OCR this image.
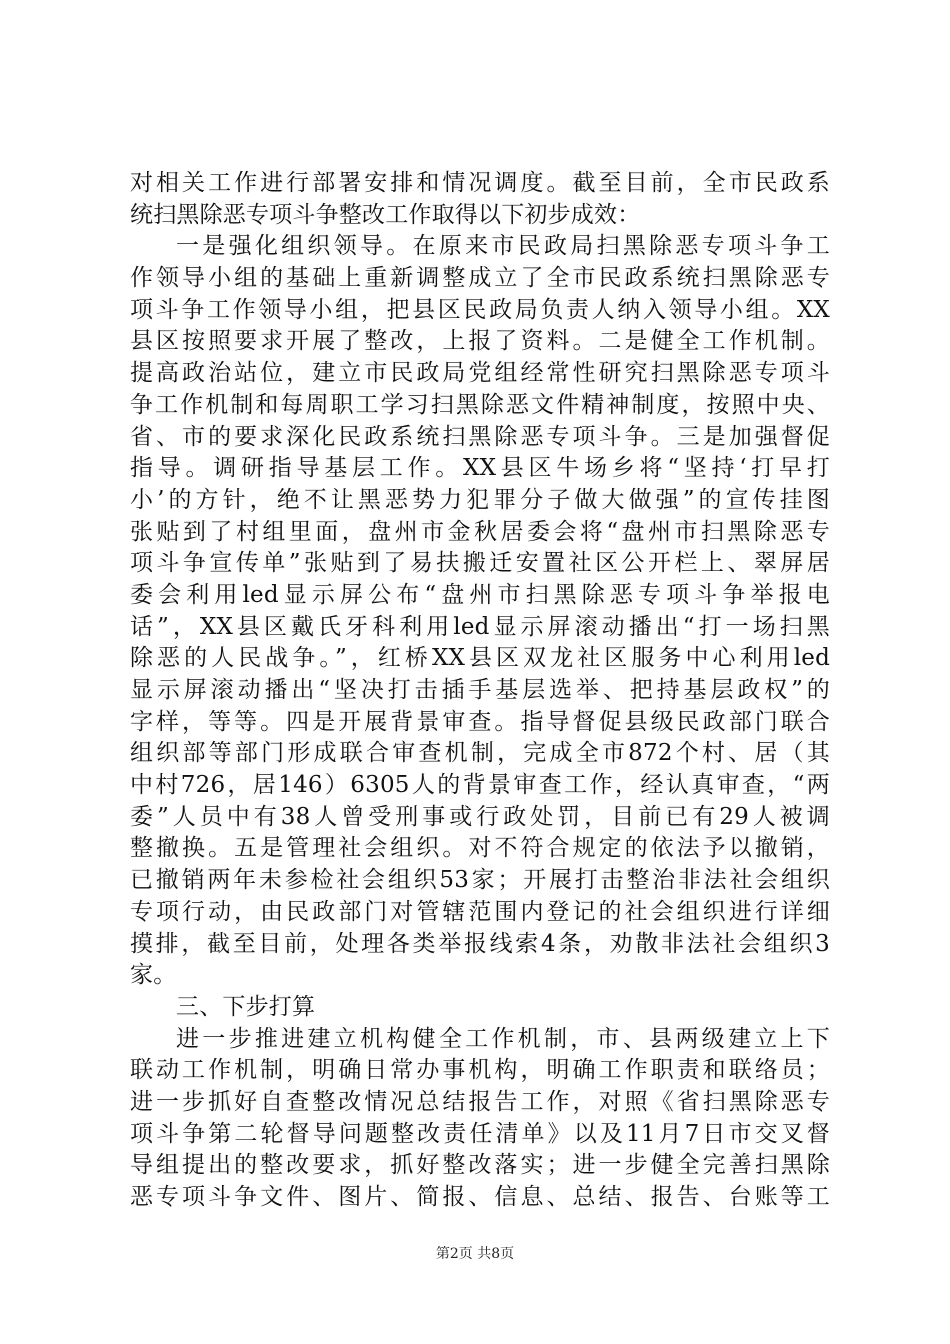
对相关工作进行部署安排和情况调度。截至目前，全市民政系
统扫黑除恶专项斗争整改工作取得以下初步成效：
一是强化组织领导。在原来市民政局扫黑除恶专项斗争工
作领导小组的基础上重新调整成立了全市民政系统扫黑除恶专
项斗争工作领导小组，把县区民政局负责人纳入领导小组。XX
县区按照要求开展了整改，上报了资料。二是健全工作机制。
提高政治站位，建立市民政局党组经常性研究扫黑除恶专项斗
争工作机制和每周职工学习扫黑除恶文件精神制度，按照中央、
省、市的要求深化民政系统扫黑除恶专项斗争。三是加强督促
指导。调研指导基层工作。XX县区牛场乡将“坚持‘打早打
小’的方针，绝不让黑恶势力犯罪分子做大做强”的宣传挂图
张贴到了村组里面，盘州市金秋居委会将“盘州市扫黑除恶专
项斗争宣传单”张贴到了易扶搬迁安置社区公开栏上、翠屏居
委会利用led显示屏公布“盘州市扫黑除恶专项斗争举报电
话”，XX县区戴氏牙科利用led显示屏滚动播出“打一场扫黑
除恶的人民战争。”，红桥XX县区双龙社区服务中心利用led
显示屏滚动播出“坚决打击插手基层选举、把持基层政权”的
字样，等等。四是开展背景审查。指导督促县级民政部门联合
组织部等部门形成联合审查机制，完成全市872个村、居（其
中村726，居146）6305人的背景审查工作，经认真审查，“两
委”人员中有38人曾受刑事或行政处罚，目前已有29人被调
整撤换。五是管理社会组织。对不符合规定的依法予以撤销，
已撤销两年未参检社会组织53家；开展打击整治非法社会组织
专项行动，由民政部门对管辖范围内登记的社会组织进行详细
摸排，截至目前，处理各类举报线索4条，劝散非法社会组织3
家。
三、下步打算
进一步推进建立机构健全工作机制，市、县两级建立上下
联动工作机制，明确日常办事机构，明确工作职责和联络员；
进一步抓好自查整改情况总结报告工作，对照《省扫黑除恶专
项斗争第二轮督导问题整改责任清单》以及11月7日市交叉督
导组提出的整改要求，抓好整改落实；进一步健全完善扫黑除
恶专项斗争文件、图片、简报、信息、总结、报告、台账等工
第2页 共8页
